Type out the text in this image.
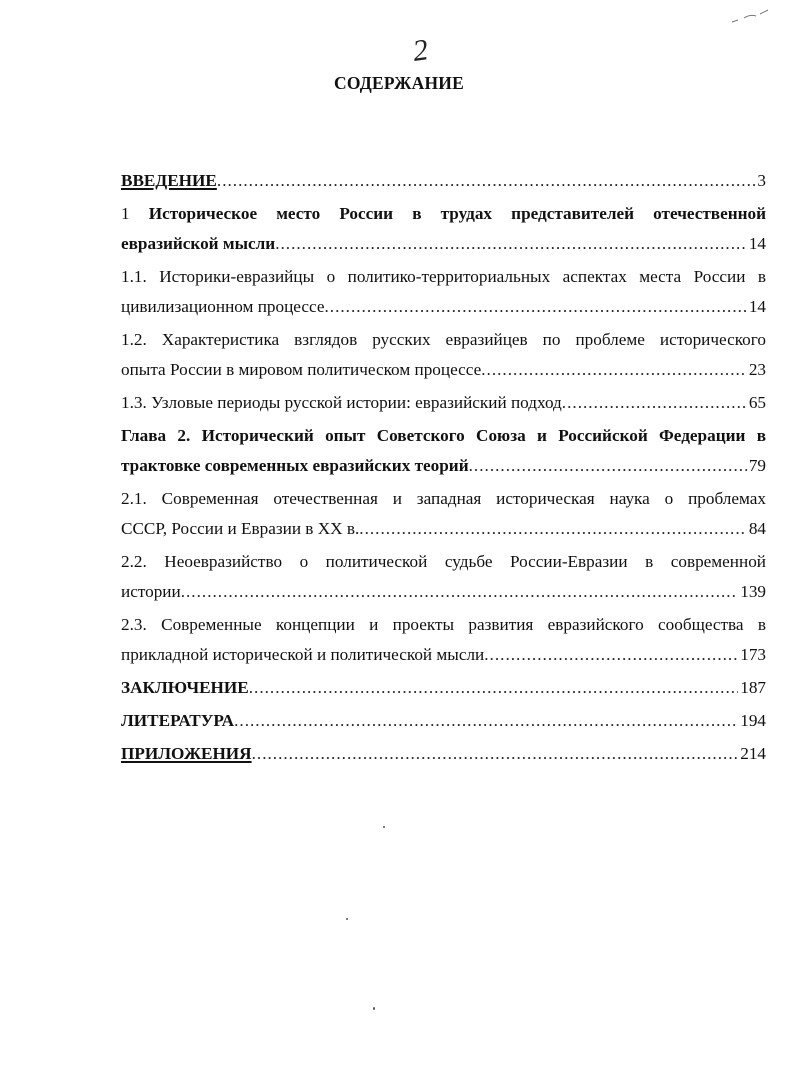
2
СОДЕРЖАНИЕ
ВВЕДЕНИЕ .....	3
1 Историческое место России в трудах представителей отечественной
евразийской мысли .....	14
1.1. Историки-евразийцы о политико-территориальных аспектах места России в
цивилизационном процессе .....	14
1.2. Характеристика взглядов русских евразийцев по проблеме исторического
опыта России в мировом политическом процессе .....	23
1.3. Узловые периоды русской истории: евразийский подход .....	65
Глава 2. Исторический опыт Советского Союза и Российской Федерации в
трактовке современных евразийских теорий .....	79
2.1. Современная отечественная и западная историческая наука о проблемах
СССР, России и Евразии в XX в. .....	84
2.2. Неоевразийство о политической судьбе России-Евразии в современной
истории .....	139
2.3. Современные концепции и проекты развития евразийского сообщества в
прикладной исторической и политической мысли .....	173
ЗАКЛЮЧЕНИЕ .....	187
ЛИТЕРАТУРА .....	194
ПРИЛОЖЕНИЯ .....	214
